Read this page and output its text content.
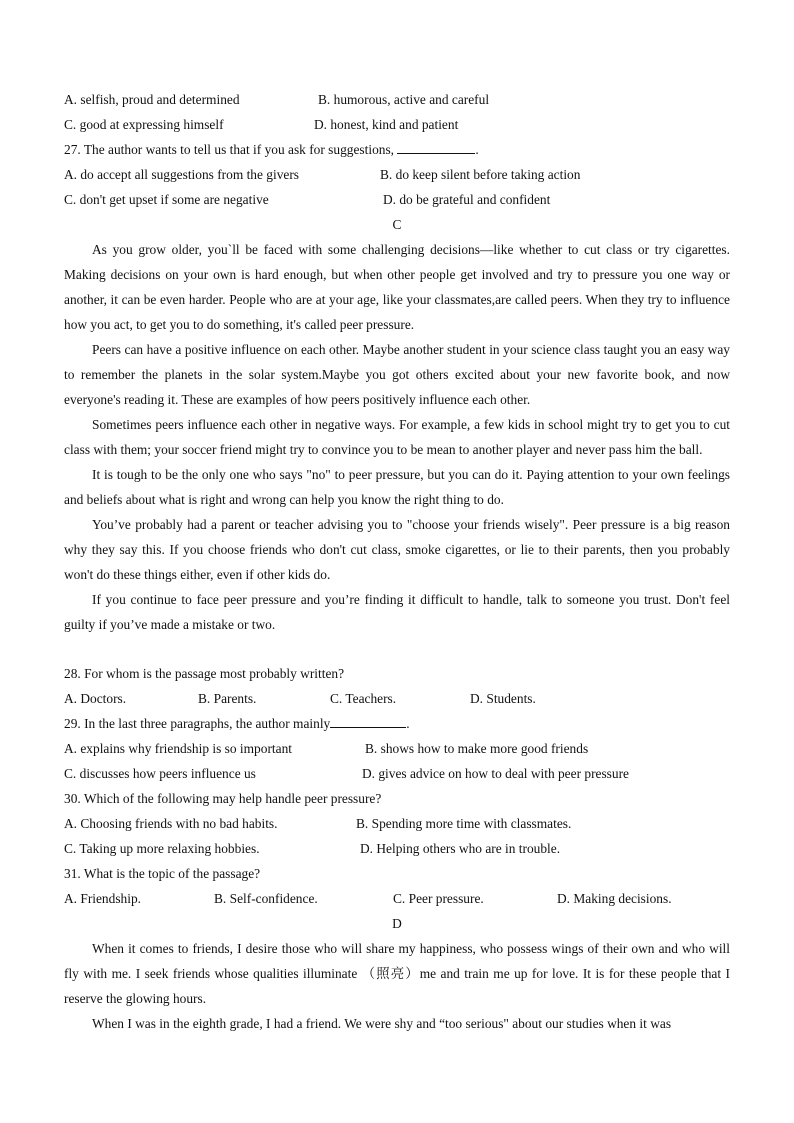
A. selfish, proud and determined	B. humorous, active and careful
C. good at expressing himself	D. honest, kind and patient
27. The author wants to tell us that if you ask for suggestions,	.
A. do accept all suggestions from the givers	B. do keep silent before taking action
C. don't get upset if some are negative	D. do be grateful and confident
C

As you grow older, you`ll be faced with some challenging decisions—like whether to cut class or try cigarettes. Making decisions on your own is hard enough, but when other people get involved and try to pressure you one way or another, it can be even harder. People who are at your age, like your classmates,are called peers. When they try to influence how you act, to get you to do something, it's called peer pressure.

Peers can have a positive influence on each other. Maybe another student in your science class taught you an easy way to remember the planets in the solar system.Maybe you got others excited about your new favorite book, and now everyone's reading it. These are examples of how peers positively influence each other.

Sometimes peers influence each other in negative ways. For example, a few kids in school might try to get you to cut class with them; your soccer friend might try to convince you to be mean to another player and never pass him the ball.

It is tough to be the only one who says "no" to peer pressure, but you can do it. Paying attention to your own feelings and beliefs about what is right and wrong can help you know the right thing to do.

You’ve probably had a parent or teacher advising you to "choose your friends wisely". Peer pressure is a big reason why they say this. If you choose friends who don't cut class, smoke cigarettes, or lie to their parents, then you probably won't do these things either, even if other kids do.

If you continue to face peer pressure and you’re finding it difficult to handle, talk to someone you trust. Don't feel guilty if you’ve made a mistake or two.

28. For whom is the passage most probably written?
A. Doctors.	B. Parents.	C. Teachers.	D. Students.
29. In the last three paragraphs, the author mainly	.
A. explains why friendship is so important	B. shows how to make more good friends
C. discusses how peers influence us	D. gives advice on how to deal with peer pressure
30. Which of the following may help handle peer pressure?
A. Choosing friends with no bad habits.	B. Spending more time with classmates.
C. Taking up more relaxing hobbies.	D. Helping others who are in trouble.
31. What is the topic of the passage?
A. Friendship.	B. Self-confidence.	C. Peer pressure.	D. Making decisions.
D

When it comes to friends, I desire those who will share my happiness, who possess wings of their own and who will fly with me. I seek friends whose qualities illuminate （照亮）me and train me up for love. It is for these people that I reserve the glowing hours.

When I was in the eighth grade, I had a friend. We were shy and “too serious" about our studies when it was
